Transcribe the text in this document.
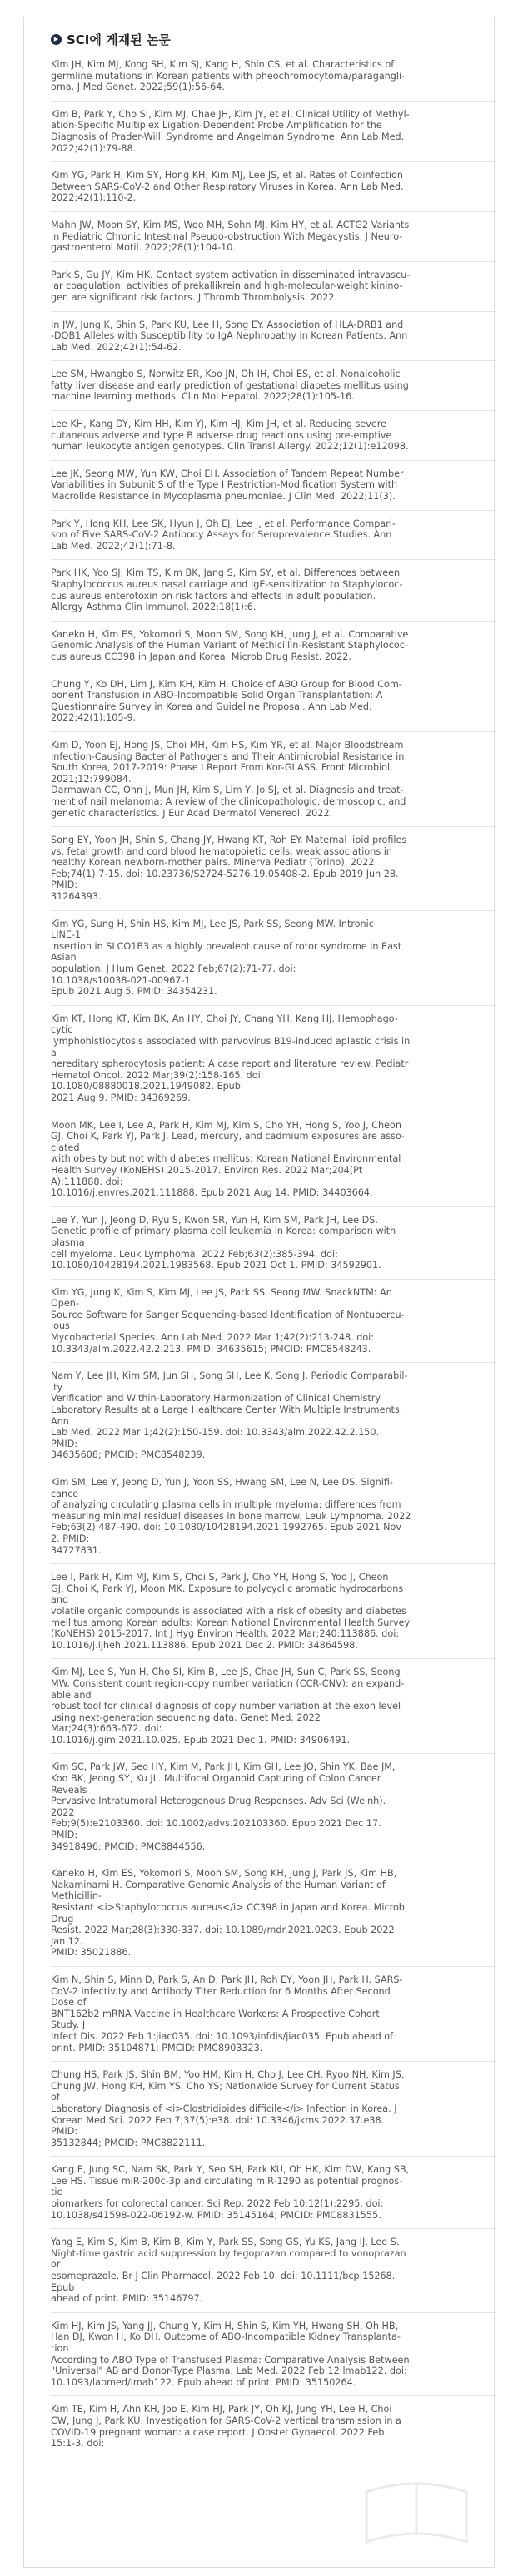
▶ SCI에 게재된 논문
Kim JH, Kim MJ, Kong SH, Kim SJ, Kang H, Shin CS, et al. Characteristics of
germline mutations in Korean patients with pheochromocytoma/paragangli-
oma. J Med Genet. 2022;59(1):56-64.
Kim B, Park Y, Cho SI, Kim MJ, Chae JH, Kim JY, et al. Clinical Utility of Methyl-
ation-Specific Multiplex Ligation-Dependent Probe Amplification for the
Diagnosis of Prader-Willi Syndrome and Angelman Syndrome. Ann Lab Med.
2022;42(1):79-88.
Kim YG, Park H, Kim SY, Hong KH, Kim MJ, Lee JS, et al. Rates of Coinfection
Between SARS-CoV-2 and Other Respiratory Viruses in Korea. Ann Lab Med.
2022;42(1):110-2.
Mahn JW, Moon SY, Kim MS, Woo MH, Sohn MJ, Kim HY, et al. ACTG2 Variants
in Pediatric Chronic Intestinal Pseudo-obstruction With Megacystis. J Neuro-
gastroenterol Motil. 2022;28(1):104-10.
Park S, Gu JY, Kim HK. Contact system activation in disseminated intravascu-
lar coagulation: activities of prekallikrein and high-molecular-weight kinino-
gen are significant risk factors. J Thromb Thrombolysis. 2022.
In JW, Jung K, Shin S, Park KU, Lee H, Song EY. Association of HLA-DRB1 and
-DQB1 Alleles with Susceptibility to IgA Nephropathy in Korean Patients. Ann
Lab Med. 2022;42(1):54-62.
Lee SM, Hwangbo S, Norwitz ER, Koo JN, Oh IH, Choi ES, et al. Nonalcoholic
fatty liver disease and early prediction of gestational diabetes mellitus using
machine learning methods. Clin Mol Hepatol. 2022;28(1):105-16.
Lee KH, Kang DY, Kim HH, Kim YJ, Kim HJ, Kim JH, et al. Reducing severe
cutaneous adverse and type B adverse drug reactions using pre-emptive
human leukocyte antigen genotypes. Clin Transl Allergy. 2022;12(1):e12098.
Lee JK, Seong MW, Yun KW, Choi EH. Association of Tandem Repeat Number
Variabilities in Subunit S of the Type I Restriction-Modification System with
Macrolide Resistance in Mycoplasma pneumoniae. J Clin Med. 2022;11(3).
Park Y, Hong KH, Lee SK, Hyun J, Oh EJ, Lee J, et al. Performance Compari-
son of Five SARS-CoV-2 Antibody Assays for Seroprevalence Studies. Ann
Lab Med. 2022;42(1):71-8.
Park HK, Yoo SJ, Kim TS, Kim BK, Jang S, Kim SY, et al. Differences between
Staphylococcus aureus nasal carriage and IgE-sensitization to Staphylococ-
cus aureus enterotoxin on risk factors and effects in adult population.
Allergy Asthma Clin Immunol. 2022;18(1):6.
Kaneko H, Kim ES, Yokomori S, Moon SM, Song KH, Jung J, et al. Comparative
Genomic Analysis of the Human Variant of Methicillin-Resistant Staphylococ-
cus aureus CC398 in Japan and Korea. Microb Drug Resist. 2022.
Chung Y, Ko DH, Lim J, Kim KH, Kim H. Choice of ABO Group for Blood Com-
ponent Transfusion in ABO-Incompatible Solid Organ Transplantation: A
Questionnaire Survey in Korea and Guideline Proposal. Ann Lab Med.
2022;42(1):105-9.
Kim D, Yoon EJ, Hong JS, Choi MH, Kim HS, Kim YR, et al. Major Bloodstream
Infection-Causing Bacterial Pathogens and Their Antimicrobial Resistance in
South Korea, 2017-2019: Phase I Report From Kor-GLASS. Front Microbiol.
2021;12:799084.
Darmawan CC, Ohn J, Mun JH, Kim S, Lim Y, Jo SJ, et al. Diagnosis and treat-
ment of nail melanoma: A review of the clinicopathologic, dermoscopic, and
genetic characteristics. J Eur Acad Dermatol Venereol. 2022.
Song EY, Yoon JH, Shin S, Chang JY, Hwang KT, Roh EY. Maternal lipid profiles
vs. fetal growth and cord blood hematopoietic cells: weak associations in
healthy Korean newborn-mother pairs. Minerva Pediatr (Torino). 2022
Feb;74(1):7-15. doi: 10.23736/S2724-5276.19.05408-2. Epub 2019 Jun 28.
PMID:
31264393.
Kim YG, Sung H, Shin HS, Kim MJ, Lee JS, Park SS, Seong MW. Intronic
LINE-1
insertion in SLCO1B3 as a highly prevalent cause of rotor syndrome in East
Asian
population. J Hum Genet. 2022 Feb;67(2):71-77. doi:
10.1038/s10038-021-00967-1.
Epub 2021 Aug 5. PMID: 34354231.
Kim KT, Hong KT, Kim BK, An HY, Choi JY, Chang YH, Kang HJ. Hemophago-
cytic
lymphohistiocytosis associated with parvovirus B19-induced aplastic crisis in
a
hereditary spherocytosis patient: A case report and literature review. Pediatr
Hematol Oncol. 2022 Mar;39(2):158-165. doi:
10.1080/08880018.2021.1949082. Epub
2021 Aug 9. PMID: 34369269.
Moon MK, Lee I, Lee A, Park H, Kim MJ, Kim S, Cho YH, Hong S, Yoo J, Cheon
GJ, Choi K, Park YJ, Park J. Lead, mercury, and cadmium exposures are asso-
ciated
with obesity but not with diabetes mellitus: Korean National Environmental
Health Survey (KoNEHS) 2015-2017. Environ Res. 2022 Mar;204(Pt
A):111888. doi:
10.1016/j.envres.2021.111888. Epub 2021 Aug 14. PMID: 34403664.
Lee Y, Yun J, Jeong D, Ryu S, Kwon SR, Yun H, Kim SM, Park JH, Lee DS.
Genetic profile of primary plasma cell leukemia in Korea: comparison with
plasma
cell myeloma. Leuk Lymphoma. 2022 Feb;63(2):385-394. doi:
10.1080/10428194.2021.1983568. Epub 2021 Oct 1. PMID: 34592901.
Kim YG, Jung K, Kim S, Kim MJ, Lee JS, Park SS, Seong MW. SnackNTM: An
Open-
Source Software for Sanger Sequencing-based Identification of Nontubercu-
lous
Mycobacterial Species. Ann Lab Med. 2022 Mar 1;42(2):213-248. doi:
10.3343/alm.2022.42.2.213. PMID: 34635615; PMCID: PMC8548243.
Nam Y, Lee JH, Kim SM, Jun SH, Song SH, Lee K, Song J. Periodic Comparabil-
ity
Verification and Within-Laboratory Harmonization of Clinical Chemistry
Laboratory Results at a Large Healthcare Center With Multiple Instruments.
Ann
Lab Med. 2022 Mar 1;42(2):150-159. doi: 10.3343/alm.2022.42.2.150.
PMID:
34635608; PMCID: PMC8548239.
Kim SM, Lee Y, Jeong D, Yun J, Yoon SS, Hwang SM, Lee N, Lee DS. Signifi-
cance
of analyzing circulating plasma cells in multiple myeloma: differences from
measuring minimal residual diseases in bone marrow. Leuk Lymphoma. 2022
Feb;63(2):487-490. doi: 10.1080/10428194.2021.1992765. Epub 2021 Nov
2. PMID:
34727831.
Lee I, Park H, Kim MJ, Kim S, Choi S, Park J, Cho YH, Hong S, Yoo J, Cheon
GJ, Choi K, Park YJ, Moon MK. Exposure to polycyclic aromatic hydrocarbons
and
volatile organic compounds is associated with a risk of obesity and diabetes
mellitus among Korean adults: Korean National Environmental Health Survey
(KoNEHS) 2015-2017. Int J Hyg Environ Health. 2022 Mar;240:113886. doi:
10.1016/j.ijheh.2021.113886. Epub 2021 Dec 2. PMID: 34864598.
Kim MJ, Lee S, Yun H, Cho SI, Kim B, Lee JS, Chae JH, Sun C, Park SS, Seong
MW. Consistent count region-copy number variation (CCR-CNV): an expand-
able and
robust tool for clinical diagnosis of copy number variation at the exon level
using next-generation sequencing data. Genet Med. 2022
Mar;24(3):663-672. doi:
10.1016/j.gim.2021.10.025. Epub 2021 Dec 1. PMID: 34906491.
Kim SC, Park JW, Seo HY, Kim M, Park JH, Kim GH, Lee JO, Shin YK, Bae JM,
Koo BK, Jeong SY, Ku JL. Multifocal Organoid Capturing of Colon Cancer
Reveals
Pervasive Intratumoral Heterogenous Drug Responses. Adv Sci (Weinh).
2022
Feb;9(5):e2103360. doi: 10.1002/advs.202103360. Epub 2021 Dec 17.
PMID:
34918496; PMCID: PMC8844556.
Kaneko H, Kim ES, Yokomori S, Moon SM, Song KH, Jung J, Park JS, Kim HB,
Nakaminami H. Comparative Genomic Analysis of the Human Variant of
Methicillin-
Resistant <i>Staphylococcus aureus</i> CC398 in Japan and Korea. Microb
Drug
Resist. 2022 Mar;28(3):330-337. doi: 10.1089/mdr.2021.0203. Epub 2022
Jan 12.
PMID: 35021886.
Kim N, Shin S, Minn D, Park S, An D, Park JH, Roh EY, Yoon JH, Park H. SARS-
CoV-2 Infectivity and Antibody Titer Reduction for 6 Months After Second
Dose of
BNT162b2 mRNA Vaccine in Healthcare Workers: A Prospective Cohort
Study. J
Infect Dis. 2022 Feb 1:jiac035. doi: 10.1093/infdis/jiac035. Epub ahead of
print. PMID: 35104871; PMCID: PMC8903323.
Chung HS, Park JS, Shin BM, Yoo HM, Kim H, Cho J, Lee CH, Ryoo NH, Kim JS,
Chung JW, Hong KH, Kim YS, Cho YS; Nationwide Survey for Current Status
of
Laboratory Diagnosis of <i>Clostridioides difficile</i> Infection in Korea. J
Korean Med Sci. 2022 Feb 7;37(5):e38. doi: 10.3346/jkms.2022.37.e38.
PMID:
35132844; PMCID: PMC8822111.
Kang E, Jung SC, Nam SK, Park Y, Seo SH, Park KU, Oh HK, Kim DW, Kang SB,
Lee HS. Tissue miR-200c-3p and circulating miR-1290 as potential prognos-
tic
biomarkers for colorectal cancer. Sci Rep. 2022 Feb 10;12(1):2295. doi:
10.1038/s41598-022-06192-w. PMID: 35145164; PMCID: PMC8831555.
Yang E, Kim S, Kim B, Kim B, Kim Y, Park SS, Song GS, Yu KS, Jang IJ, Lee S.
Night-time gastric acid suppression by tegoprazan compared to vonoprazan
or
esomeprazole. Br J Clin Pharmacol. 2022 Feb 10. doi: 10.1111/bcp.15268.
Epub
ahead of print. PMID: 35146797.
Kim HJ, Kim JS, Yang JJ, Chung Y, Kim H, Shin S, Kim YH, Hwang SH, Oh HB,
Han DJ, Kwon H, Ko DH. Outcome of ABO-Incompatible Kidney Transplanta-
tion
According to ABO Type of Transfused Plasma: Comparative Analysis Between
"Universal" AB and Donor-Type Plasma. Lab Med. 2022 Feb 12:lmab122. doi:
10.1093/labmed/lmab122. Epub ahead of print. PMID: 35150264.
Kim TE, Kim H, Ahn KH, Joo E, Kim HJ, Park JY, Oh KJ, Jung YH, Lee H, Choi
CW, Jung J, Park KU. Investigation for SARS-CoV-2 vertical transmission in a
COVID-19 pregnant woman: a case report. J Obstet Gynaecol. 2022 Feb
15:1-3. doi:
